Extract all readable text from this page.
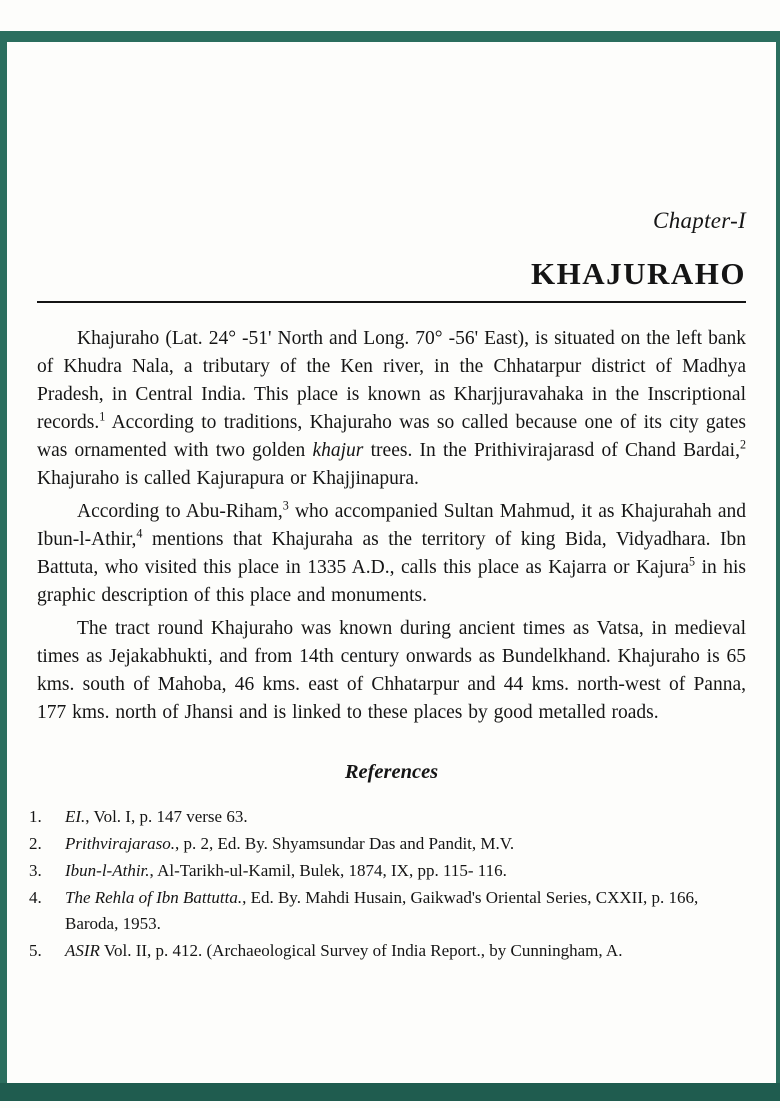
Chapter-I
KHAJURAHO

Khajuraho (Lat. 24° -51' North and Long. 70° -56' East), is situated on the left bank of Khudra Nala, a tributary of the Ken river, in the Chhatarpur district of Madhya Pradesh, in Central India. This place is known as Kharjjuravahaka in the Inscriptional records.$^1$ According to traditions, Khajuraho was so called because one of its city gates was ornamented with two golden khajur trees. In the Prithivirajarasd of Chand Bardai,$^2$ Khajuraho is called Kajurapura or Khajjinapura.

According to Abu-Riham,$^3$ who accompanied Sultan Mahmud, it as Khajurahah and Ibun-l-Athir,$^4$ mentions that Khajuraha as the territory of king Bida, Vidyadhara. Ibn Battuta, who visited this place in 1335 A.D., calls this place as Kajarra or Kajura$^5$ in his graphic description of this place and monuments.

The tract round Khajuraho was known during ancient times as Vatsa, in medieval times as Jejakabhukti, and from 14th century onwards as Bundelkhand. Khajuraho is 65 kms. south of Mahoba, 46 kms. east of Chhatarpur and 44 kms. north-west of Panna, 177 kms. north of Jhansi and is linked to these places by good metalled roads.

References
1.	EI., Vol. I, p. 147 verse 63.
2.	Prithvirajaraso., p. 2, Ed. By. Shyamsundar Das and Pandit, M.V.
3.	Ibun-l-Athir., Al-Tarikh-ul-Kamil, Bulek, 1874, IX, pp. 115- 116.
4.	The Rehla of Ibn Battutta., Ed. By. Mahdi Husain, Gaikwad's Oriental Series, CXXII, p. 166, Baroda, 1953.
5.	ASIR Vol. II, p. 412. (Archaeological Survey of India Report., by Cunningham, A.
